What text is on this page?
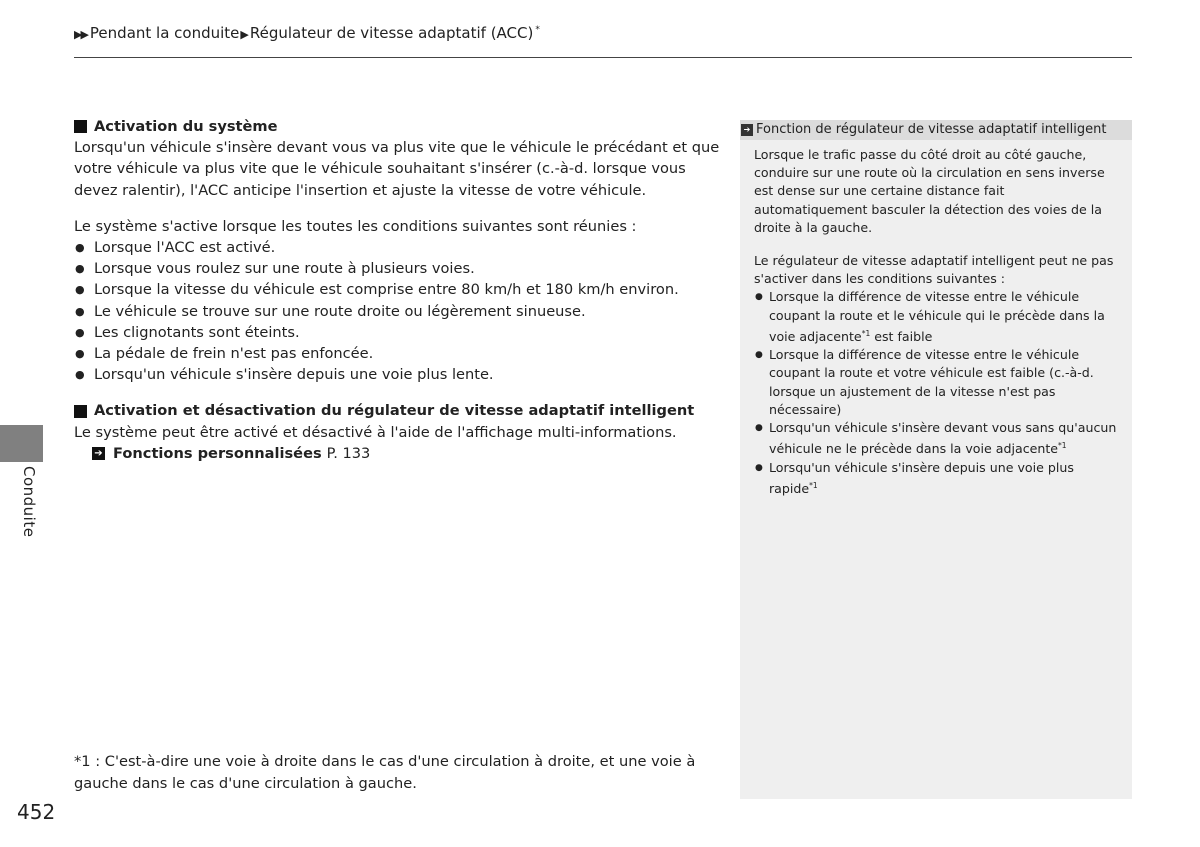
▶▶ Pendant la conduite▶Régulateur de vitesse adaptatif (ACC) *
Activation du système

Lorsqu'un véhicule s'insère devant vous va plus vite que le véhicule le précédant et que votre véhicule va plus vite que le véhicule souhaitant s'insérer (c.-à-d. lorsque vous devez ralentir), l'ACC anticipe l'insertion et ajuste la vitesse de votre véhicule.

Le système s'active lorsque les toutes les conditions suivantes sont réunies :

● Lorsque l'ACC est activé.
● Lorsque vous roulez sur une route à plusieurs voies.
● Lorsque la vitesse du véhicule est comprise entre 80 km/h et 180 km/h environ.
● Le véhicule se trouve sur une route droite ou légèrement sinueuse.
● Les clignotants sont éteints.
● La pédale de frein n'est pas enfoncée.
● Lorsqu'un véhicule s'insère depuis une voie plus lente.
Activation et désactivation du régulateur de vitesse adaptatif intelligent

Le système peut être activé et désactivé à l'aide de l'affichage multi-informations.

➔ Fonctions personnalisées P. 133
*1 : C'est-à-dire une voie à droite dans le cas d'une circulation à droite, et une voie à gauche dans le cas d'une circulation à gauche.
452
Conduite
➔ Fonction de régulateur de vitesse adaptatif intelligent
Lorsque le trafic passe du côté droit au côté gauche, conduire sur une route où la circulation en sens inverse est dense sur une certaine distance fait automatiquement basculer la détection des voies de la droite à la gauche.
Le régulateur de vitesse adaptatif intelligent peut ne pas s'activer dans les conditions suivantes :
● Lorsque la différence de vitesse entre le véhicule coupant la route et le véhicule qui le précède dans la voie adjacente$^{*1}$ est faible
● Lorsque la différence de vitesse entre le véhicule coupant la route et votre véhicule est faible (c.-à-d. lorsque un ajustement de la vitesse n'est pas nécessaire)
● Lorsqu'un véhicule s'insère devant vous sans qu'aucun véhicule ne le précède dans la voie adjacente$^{*1}$
● Lorsqu'un véhicule s'insère depuis une voie plus rapide$^{*1}$
